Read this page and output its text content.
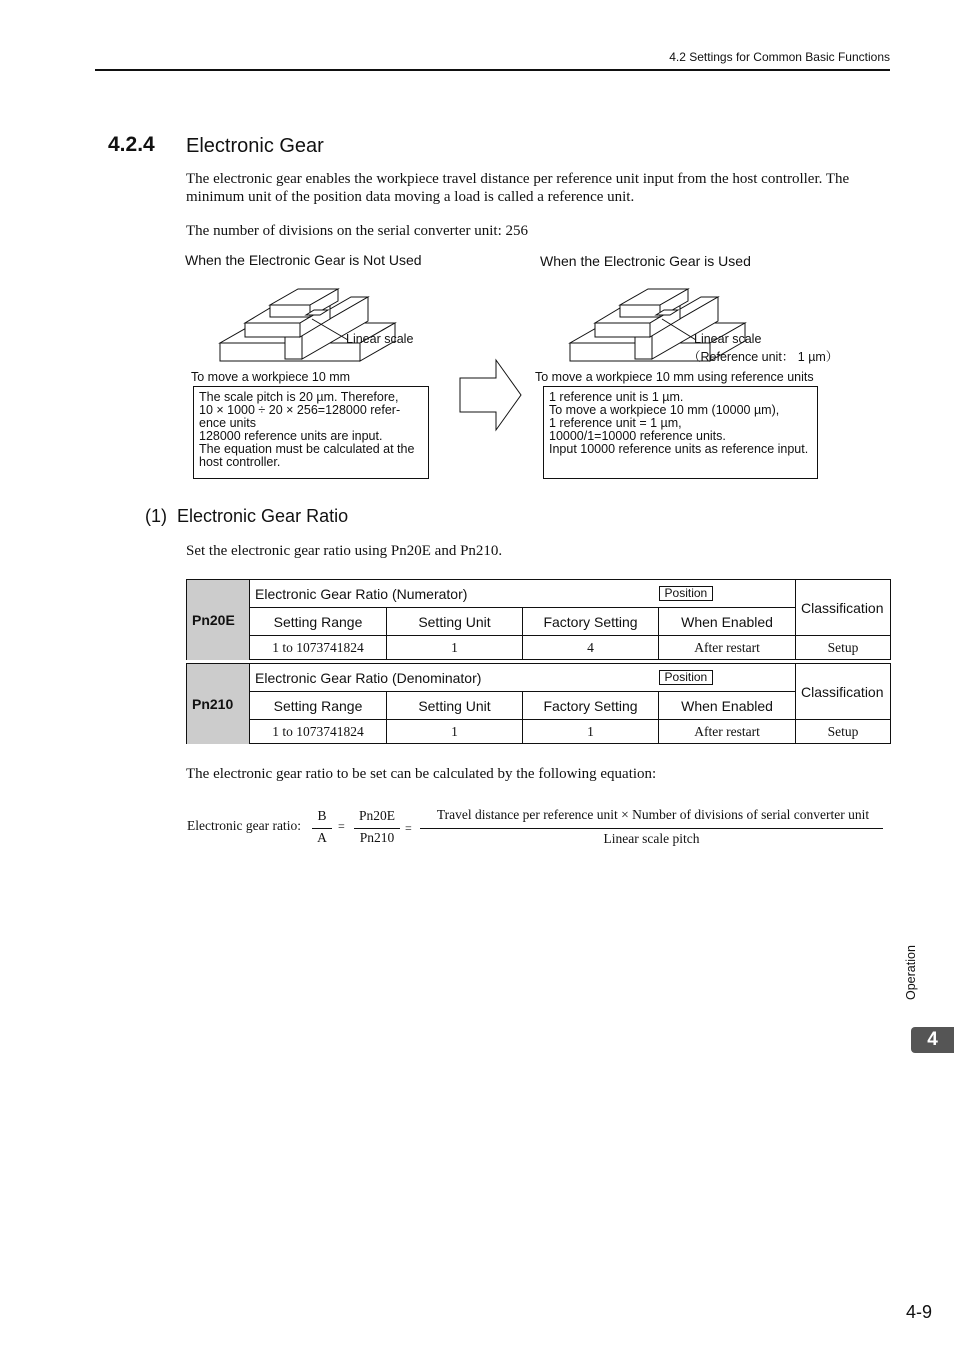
4.2 Settings for Common Basic Functions
4.2.4 Electronic Gear
The electronic gear enables the workpiece travel distance per reference unit input from the host controller. The minimum unit of the position data moving a load is called a reference unit.
The number of divisions on the serial converter unit: 256
When the Electronic Gear is Not Used	When the Electronic Gear is Used
Linear scale	Linear scale
（Reference unit： 1 µm）
To move a workpiece 10 mm	To move a workpiece 10 mm using reference units
The scale pitch is 20 µm. Therefore,
10 × 1000 ÷ 20 × 256=128000 refer-
ence units
128000 reference units are input.
The equation must be calculated at the
host controller.
1 reference unit is 1 µm.
To move a workpiece 10 mm (10000 µm),
1 reference unit = 1 µm,
10000/1=10000 reference units.
Input 10000 reference units as reference input.
(1) Electronic Gear Ratio
Set the electronic gear ratio using Pn20E and Pn210.
Pn20E	Electronic Gear Ratio (Numerator)			Position	Classification
	Setting Range	Setting Unit	Factory Setting	When Enabled	
	1 to 1073741824	1	4	After restart	Setup
Pn210	Electronic Gear Ratio (Denominator)			Position	Classification
	Setting Range	Setting Unit	Factory Setting	When Enabled	
	1 to 1073741824	1	1	After restart	Setup
The electronic gear ratio to be set can be calculated by the following equation:
Electronic gear ratio:
B
A
=
Pn20E
Pn210
=
Travel distance per reference unit × Number of divisions of serial converter unit
Linear scale pitch
Operation
4
4-9
